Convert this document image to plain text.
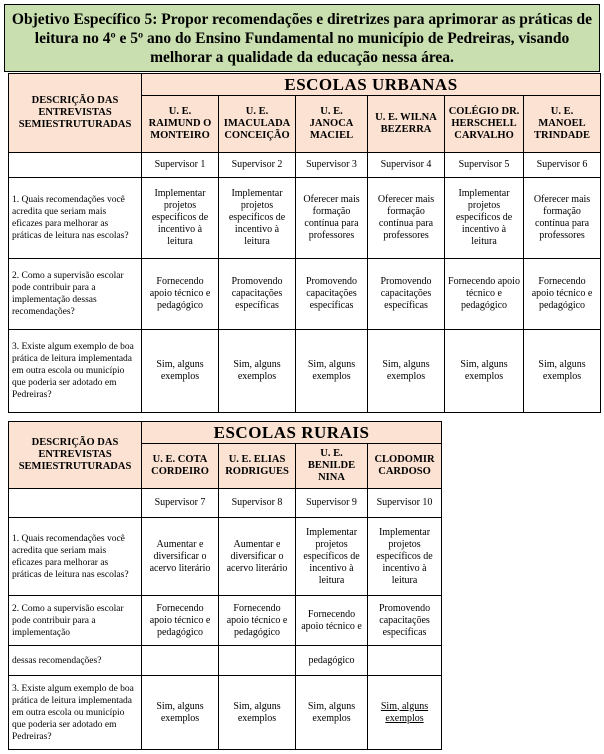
Objetivo Específico 5: Propor recomendações e diretrizes para aprimorar as práticas de leitura no 4º e 5º ano do Ensino Fundamental no município de Pedreiras, visando melhorar a qualidade da educação nessa área.
DESCRIÇÃO DAS ENTREVISTAS SEMIESTRUTURADAS	ESCOLAS URBANAS					
	U. E. RAIMUND O MONTEIRO	U. E. IMACULADA CONCEIÇÃO	U. E. JANOCA MACIEL	U. E. WILNA BEZERRA	COLÉGIO DR. HERSCHELL CARVALHO	U. E. MANOEL TRINDADE
	Supervisor 1	Supervisor 2	Supervisor 3	Supervisor 4	Supervisor 5	Supervisor 6
1. Quais recomendações você acredita que seriam mais eficazes para melhorar as práticas de leitura nas escolas?	Implementar projetos específicos de incentivo à leitura	Implementar projetos específicos de incentivo à leitura	Oferecer mais formação contínua para professores	Oferecer mais formação contínua para professores	Implementar projetos específicos de incentivo à leitura	Oferecer mais formação contínua para professores
2. Como a supervisão escolar pode contribuir para a implementação dessas recomendações?	Fornecendo apoio técnico e pedagógico	Promovendo capacitações específicas	Promovendo capacitações específicas	Promovendo capacitações específicas	Fornecendo apoio técnico e pedagógico	Fornecendo apoio técnico e pedagógico
3. Existe algum exemplo de boa prática de leitura implementada em outra escola ou município que poderia ser adotado em Pedreiras?	Sim, alguns exemplos	Sim, alguns exemplos	Sim, alguns exemplos	Sim, alguns exemplos	Sim, alguns exemplos	Sim, alguns exemplos
DESCRIÇÃO DAS ENTREVISTAS SEMIESTRUTURADAS	ESCOLAS RURAIS			
	U. E. COTA CORDEIRO	U. E. ELIAS RODRIGUES	U. E. BENILDE NINA	CLODOMIR CARDOSO
	Supervisor 7	Supervisor 8	Supervisor 9	Supervisor 10
1. Quais recomendações você acredita que seriam mais eficazes para melhorar as práticas de leitura nas escolas?	Aumentar e diversificar o acervo literário	Aumentar e diversificar o acervo literário	Implementar projetos específicos de incentivo à leitura	Implementar projetos específicos de incentivo à leitura
2. Como a supervisão escolar pode contribuir para a implementação	Fornecendo apoio técnico e pedagógico	Fornecendo apoio técnico e pedagógico	Fornecendo apoio técnico e	Promovendo capacitações específicas
dessas recomendações?			pedagógico	
3. Existe algum exemplo de boa prática de leitura implementada em outra escola ou município que poderia ser adotado em Pedreiras?	Sim, alguns exemplos	Sim, alguns exemplos	Sim, alguns exemplos	Sim, alguns exemplos
